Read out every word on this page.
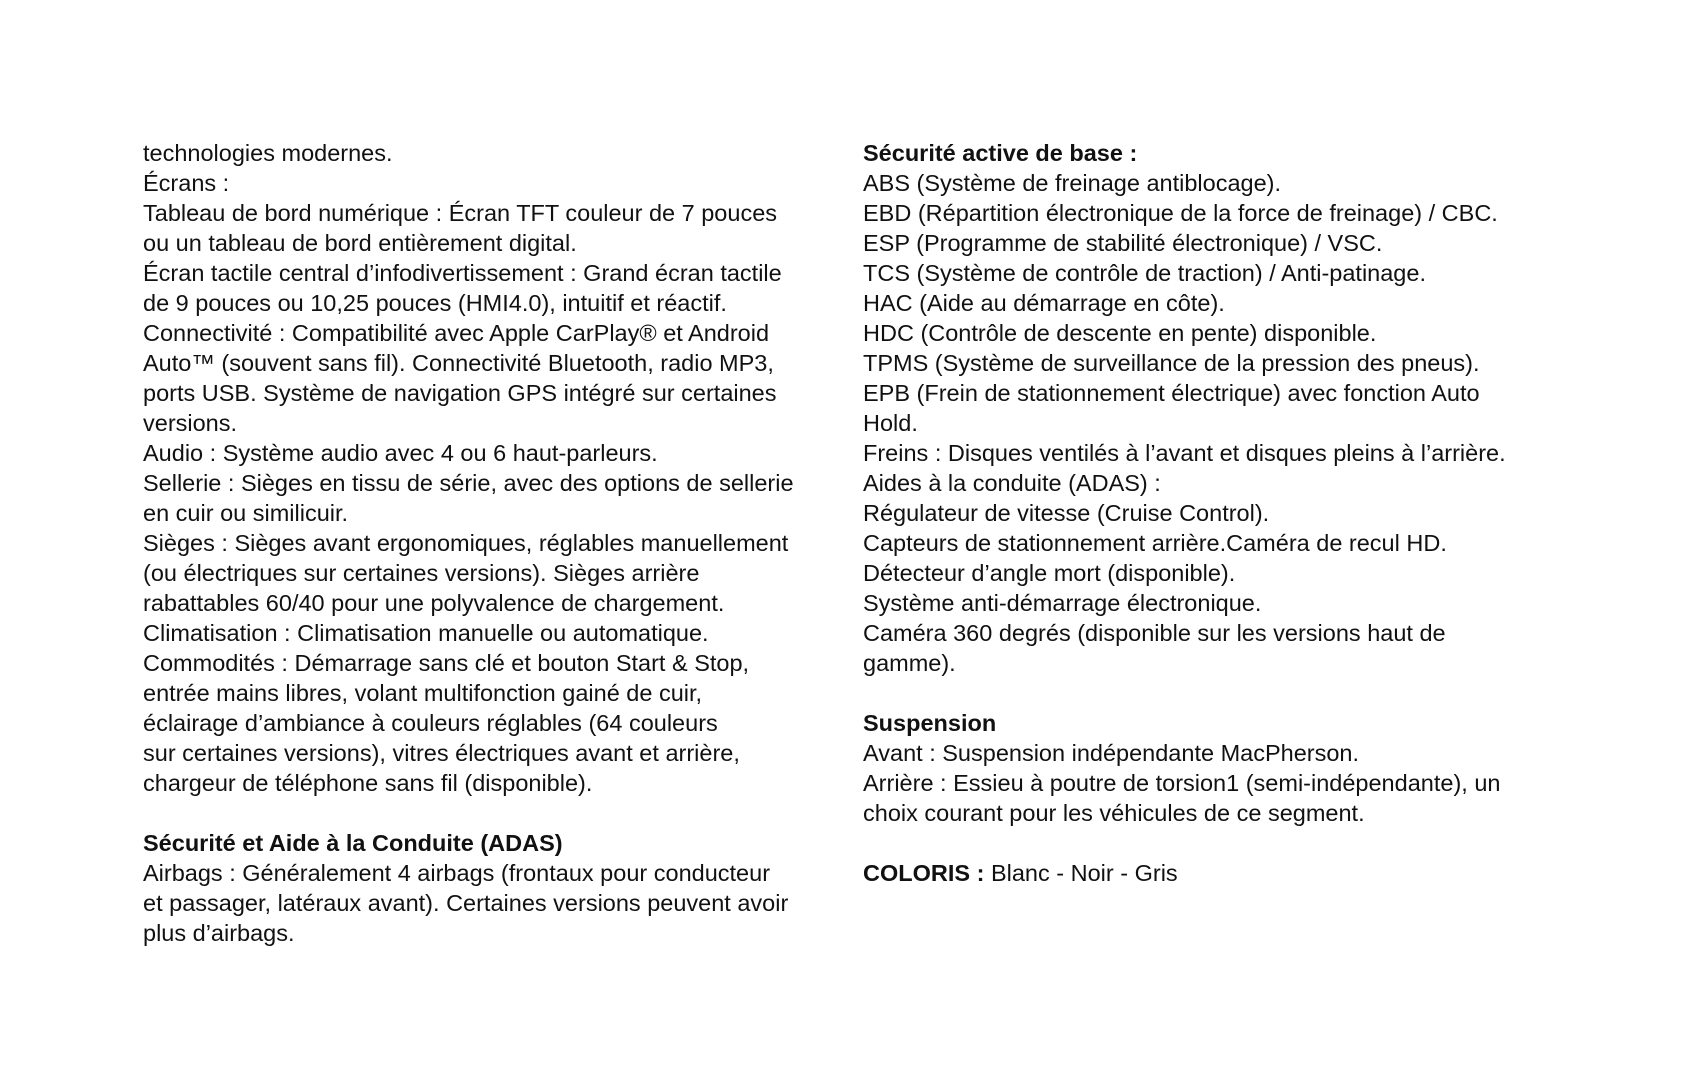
technologies modernes.
Écrans :
Tableau de bord numérique : Écran TFT couleur de 7 pouces
ou un tableau de bord entièrement digital.
Écran tactile central d’infodivertissement : Grand écran tactile
de 9 pouces ou 10,25 pouces (HMI4.0), intuitif et réactif.
Connectivité : Compatibilité avec Apple CarPlay® et Android
Auto™ (souvent sans fil). Connectivité Bluetooth, radio MP3,
ports USB. Système de navigation GPS intégré sur certaines
versions.
Audio : Système audio avec 4 ou 6 haut-parleurs.
Sellerie : Sièges en tissu de série, avec des options de sellerie
en cuir ou similicuir.
Sièges : Sièges avant ergonomiques, réglables manuellement
(ou électriques sur certaines versions). Sièges arrière
rabattables 60/40 pour une polyvalence de chargement.
Climatisation : Climatisation manuelle ou automatique.
Commodités : Démarrage sans clé et bouton Start & Stop,
entrée mains libres, volant multifonction gainé de cuir,
éclairage d’ambiance à couleurs réglables (64 couleurs
sur certaines versions), vitres électriques avant et arrière,
chargeur de téléphone sans fil (disponible).
Sécurité et Aide à la Conduite (ADAS)
Airbags : Généralement 4 airbags (frontaux pour conducteur
et passager, latéraux avant). Certaines versions peuvent avoir
plus d’airbags.
Sécurité active de base :
ABS (Système de freinage antiblocage).
EBD (Répartition électronique de la force de freinage) / CBC.
ESP (Programme de stabilité électronique) / VSC.
TCS (Système de contrôle de traction) / Anti-patinage.
HAC (Aide au démarrage en côte).
HDC (Contrôle de descente en pente) disponible.
TPMS (Système de surveillance de la pression des pneus).
EPB (Frein de stationnement électrique) avec fonction Auto
Hold.
Freins : Disques ventilés à l’avant et disques pleins à l’arrière.
Aides à la conduite (ADAS) :
Régulateur de vitesse (Cruise Control).
Capteurs de stationnement arrière.Caméra de recul HD.
Détecteur d’angle mort (disponible).
Système anti-démarrage électronique.
Caméra 360 degrés (disponible sur les versions haut de
gamme).
Suspension
Avant : Suspension indépendante MacPherson.
Arrière : Essieu à poutre de torsion1 (semi-indépendante), un
choix courant pour les véhicules de ce segment.
COLORIS : Blanc - Noir - Gris
